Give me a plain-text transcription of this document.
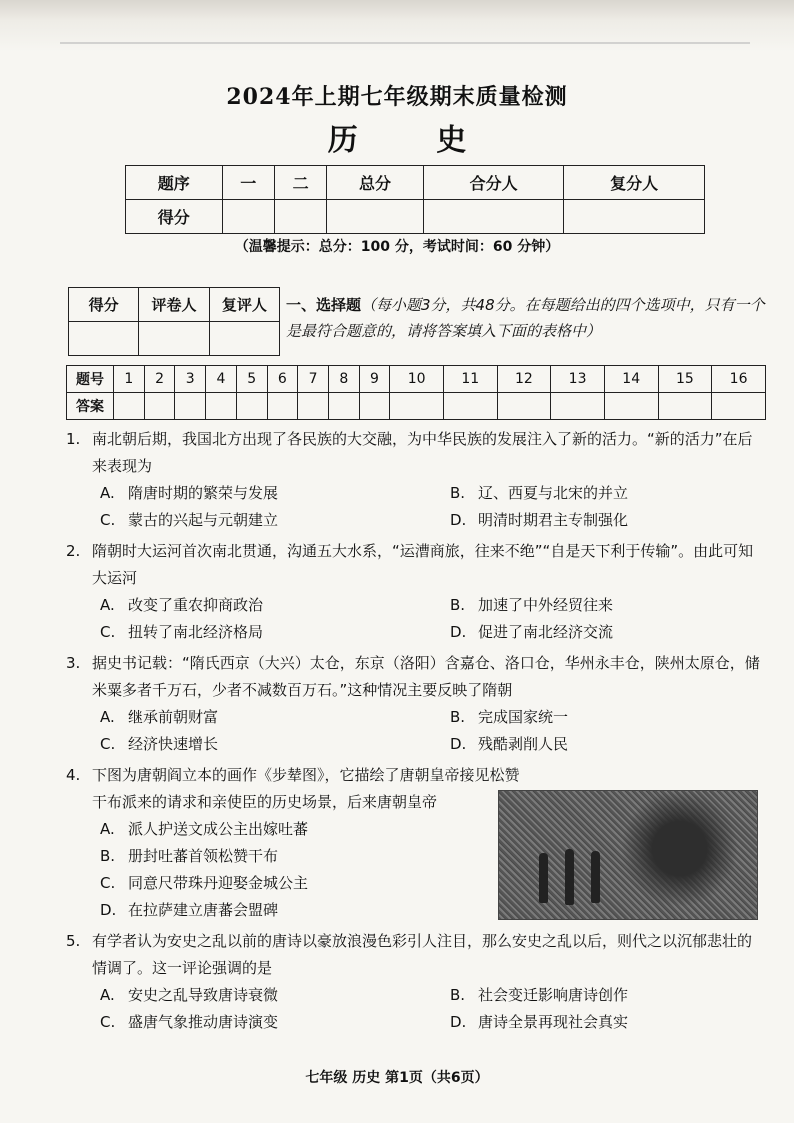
2024年上期七年级期末质量检测
历 史
题序	一	二	总分	合分人	复分人
得分					
（温馨提示：总分：100 分，考试时间：60 分钟）
得分	评卷人	复评人
		一、选择题（每小题3分，共48分。在每题给出的四个选项中，只有一个是最符合题意的，请将答案填入下面的表格中）
题号	1	2	3	4	5	6	7	8	9	10	11	12	13	14	15	16
答案																

1. 南北朝后期，我国北方出现了各民族的大交融，为中华民族的发展注入了新的活力。“新的活力”在后来表现为

A. 隋唐时期的繁荣与发展	B. 辽、西夏与北宋的并立
C. 蒙古的兴起与元朝建立	D. 明清时期君主专制强化

2. 隋朝时大运河首次南北贯通，沟通五大水系，“运漕商旅，往来不绝”“自是天下利于传输”。由此可知大运河

A. 改变了重农抑商政治	B. 加速了中外经贸往来
C. 扭转了南北经济格局	D. 促进了南北经济交流

3. 据史书记载：“隋氏西京（大兴）太仓，东京（洛阳）含嘉仓、洛口仓，华州永丰仓，陕州太原仓，储米粟多者千万石，少者不减数百万石。”这种情况主要反映了隋朝

A. 继承前朝财富	B. 完成国家统一
C. 经济快速增长	D. 残酷剥削人民

4. 下图为唐朝阎立本的画作《步辇图》，它描绘了唐朝皇帝接见松赞干布派来的请求和亲使臣的历史场景，后来唐朝皇帝

A. 派人护送文成公主出嫁吐蕃
B. 册封吐蕃首领松赞干布
C. 同意尺带珠丹迎娶金城公主
D. 在拉萨建立唐蕃会盟碑

5. 有学者认为安史之乱以前的唐诗以豪放浪漫色彩引人注目，那么安史之乱以后，则代之以沉郁悲壮的情调了。这一评论强调的是

A. 安史之乱导致唐诗衰微	B. 社会变迁影响唐诗创作
C. 盛唐气象推动唐诗演变	D. 唐诗全景再现社会真实
七年级 历史 第1页（共6页）
